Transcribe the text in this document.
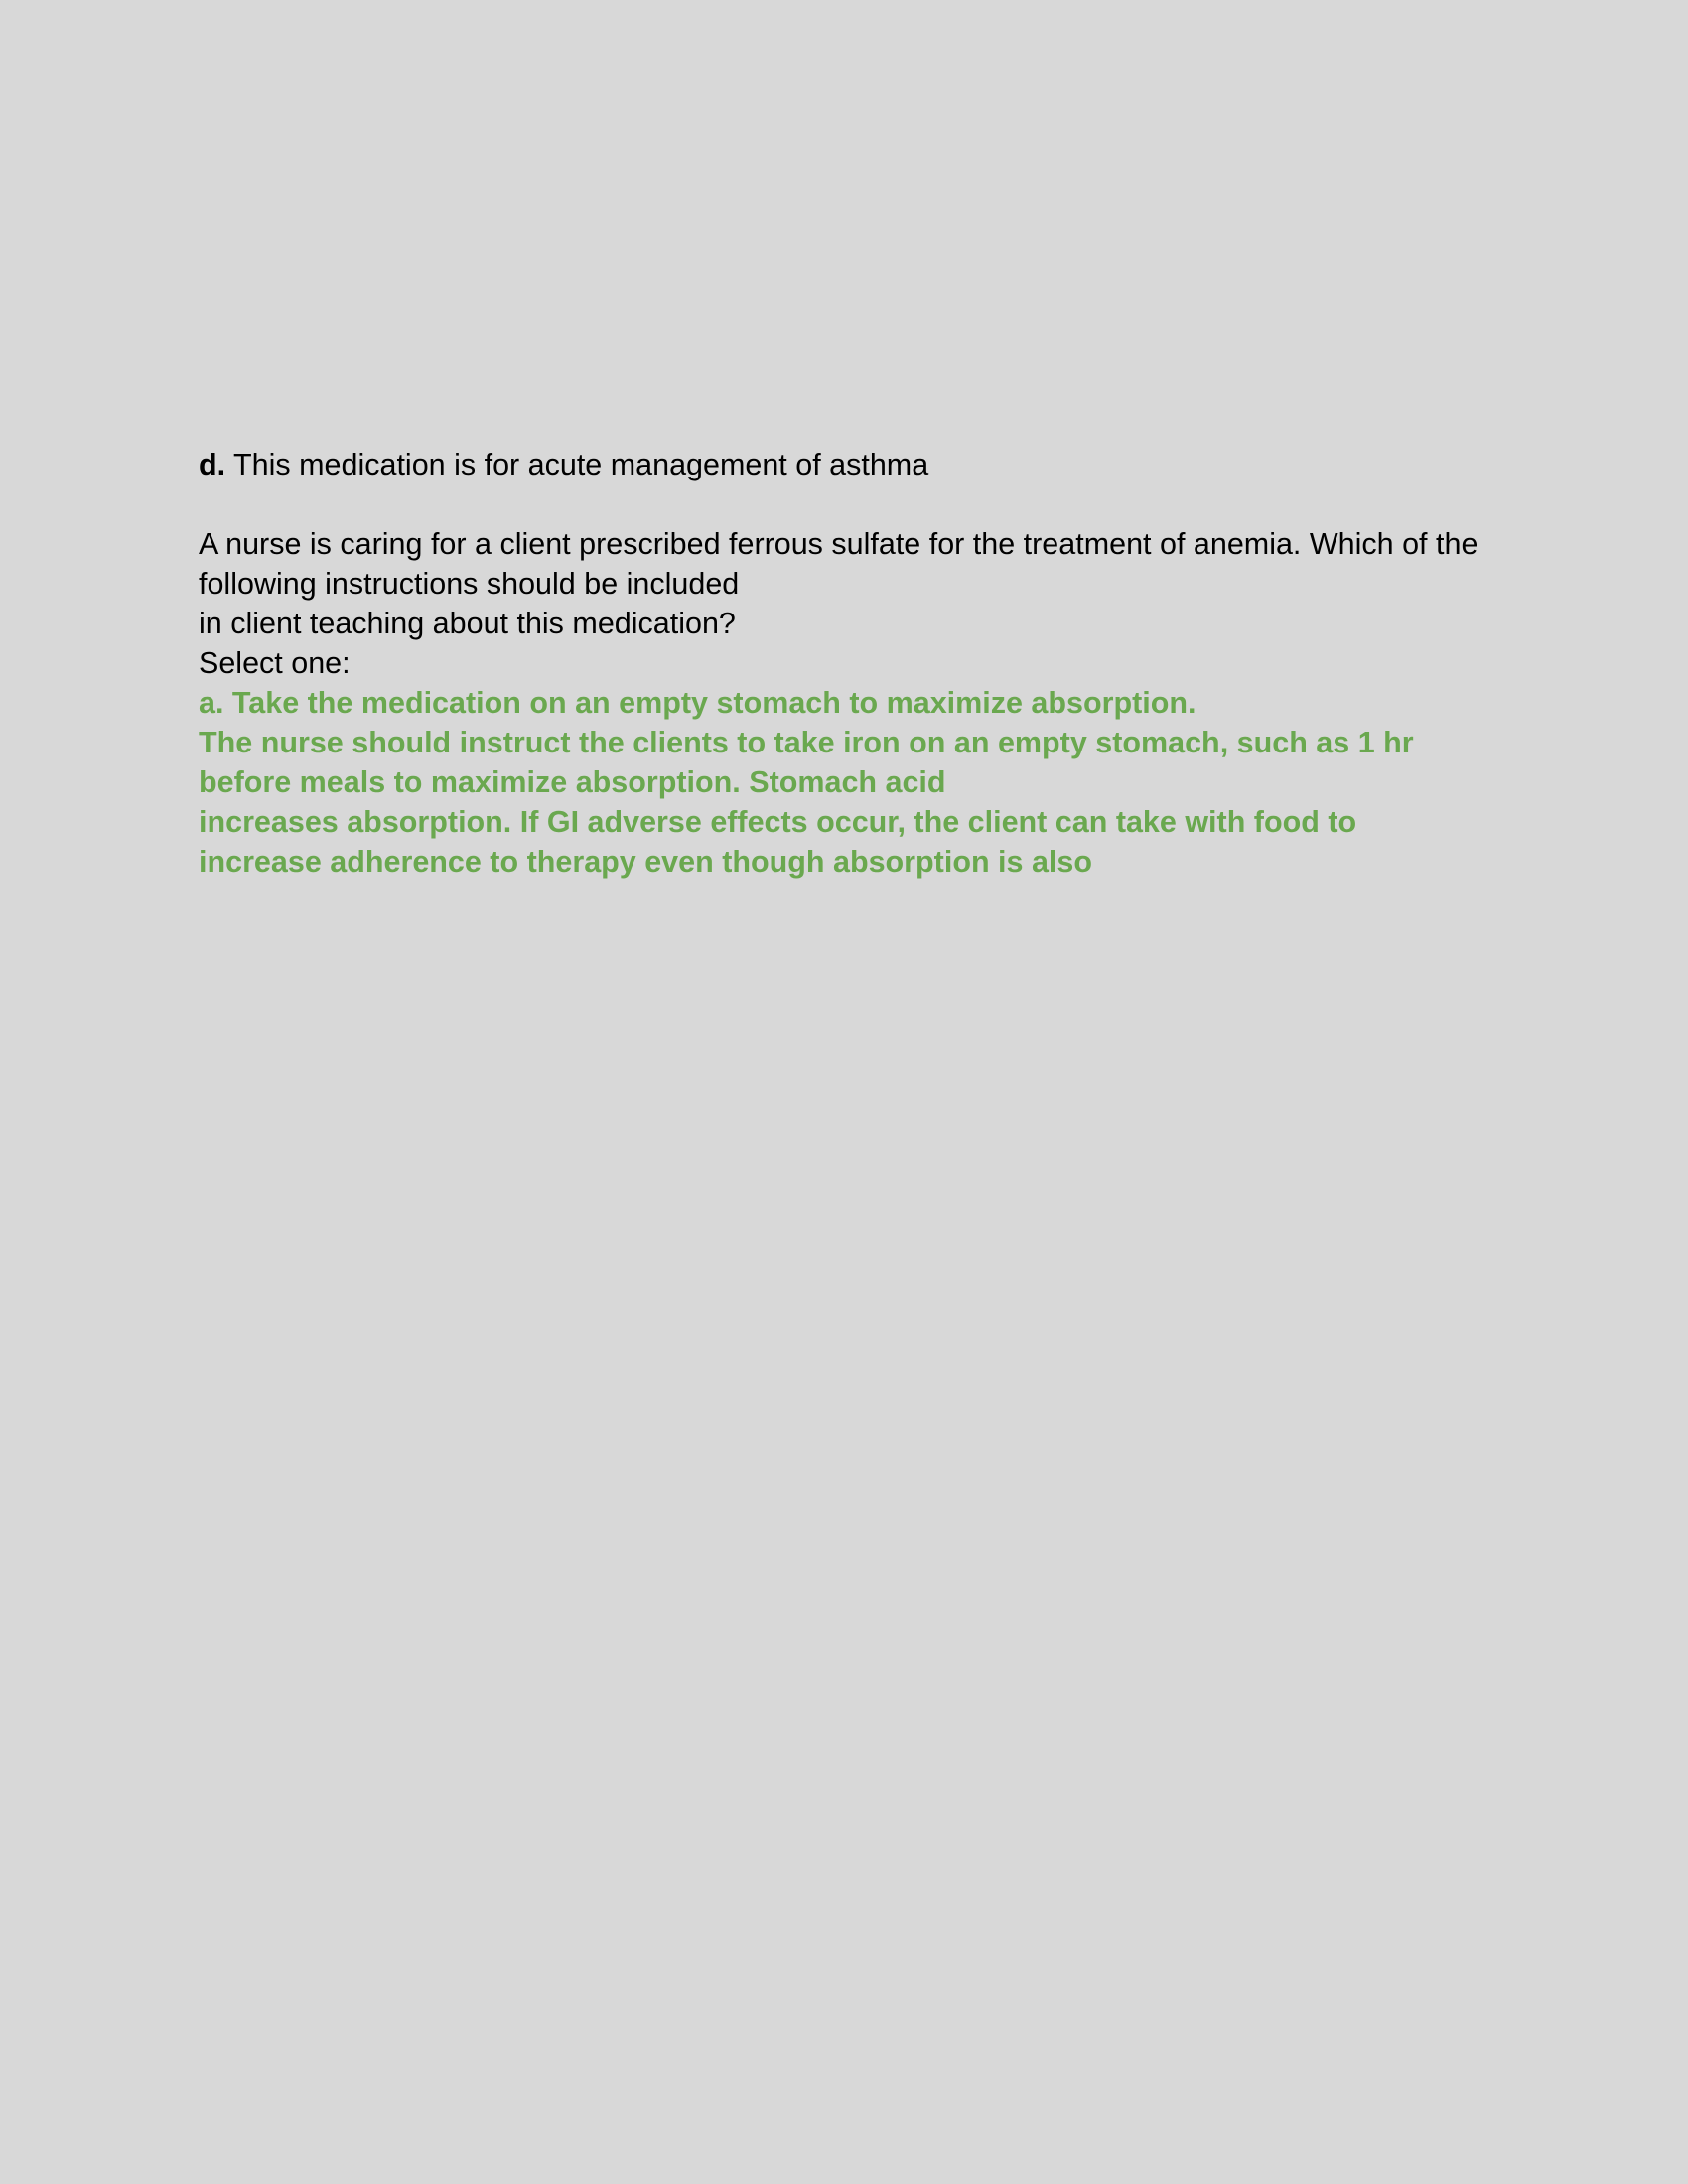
d. This medication is for acute management of asthma
A nurse is caring for a client prescribed ferrous sulfate for the treatment of anemia. Which of the
following instructions should be included
in client teaching about this medication?
Select one:
a. Take the medication on an empty stomach to maximize absorption.
The nurse should instruct the clients to take iron on an empty stomach, such as 1 hr
before meals to maximize absorption. Stomach acid
increases absorption. If GI adverse effects occur, the client can take with food to
increase adherence to therapy even though absorption is also
